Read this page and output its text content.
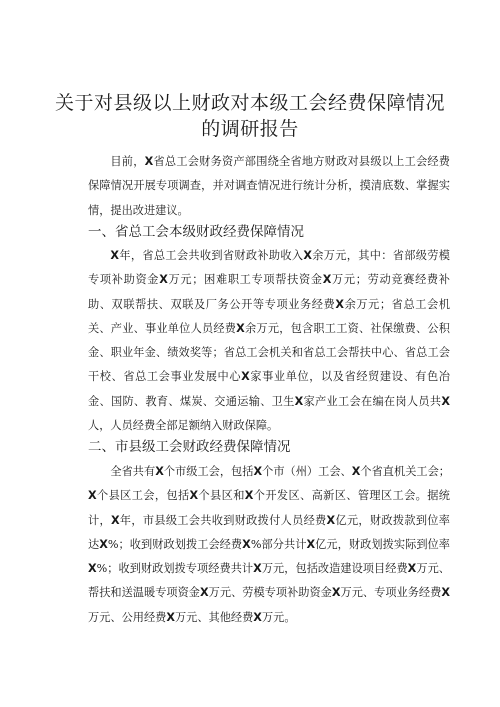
关于对县级以上财政对本级工会经费保障情况
的调研报告

目前，X省总工会财务资产部围绕全省地方财政对县级以上工会经费保障情况开展专项调查，并对调查情况进行统计分析，摸清底数、掌握实情，提出改进建议。

一、省总工会本级财政经费保障情况

X年，省总工会共收到省财政补助收入X余万元，其中：省部级劳模专项补助资金X万元；困难职工专项帮扶资金X万元；劳动竞赛经费补助、双联帮扶、双联及厂务公开等专项业务经费X余万元；省总工会机关、产业、事业单位人员经费X余万元，包含职工工资、社保缴费、公积金、职业年金、绩效奖等；省总工会机关和省总工会帮扶中心、省总工会干校、省总工会事业发展中心X家事业单位，以及省经贸建设、有色冶金、国防、教育、煤炭、交通运输、卫生X家产业工会在编在岗人员共X人，人员经费全部足额纳入财政保障。

二、市县级工会财政经费保障情况

全省共有X个市级工会，包括X个市（州）工会、X个省直机关工会；X个县区工会，包括X个县区和X个开发区、高新区、管理区工会。据统计，X年，市县级工会共收到财政拨付人员经费X亿元，财政拨款到位率达X%；收到财政划拨工会经费X%部分共计X亿元，财政划拨实际到位率X%；收到财政划拨专项经费共计X万元，包括改造建设项目经费X万元、帮扶和送温暖专项资金X万元、劳模专项补助资金X万元、专项业务经费X万元、公用经费X万元、其他经费X万元。
